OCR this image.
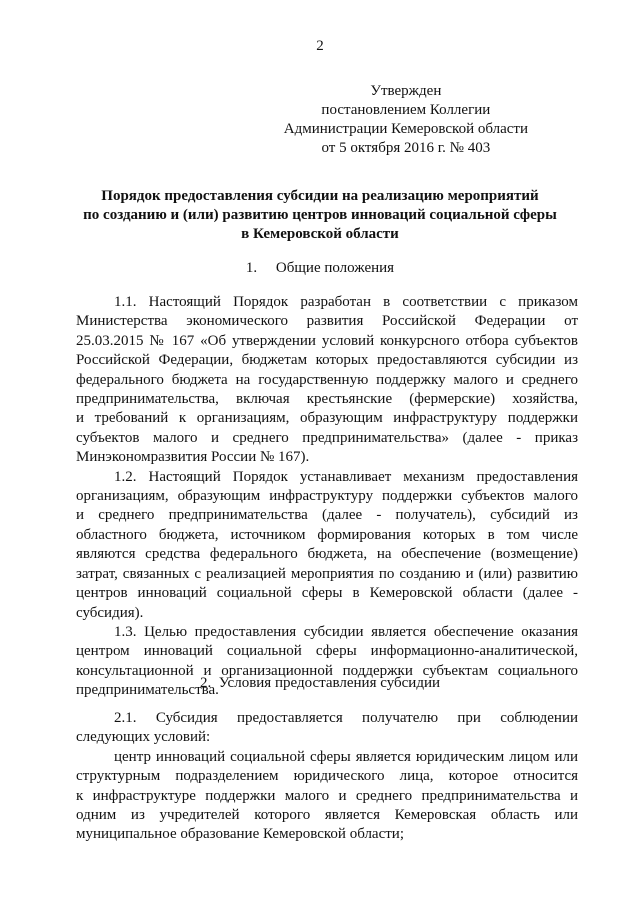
2
Утвержден
постановлением Коллегии
Администрации Кемеровской области
от 5 октября 2016 г. № 403
Порядок предоставления субсидии на реализацию мероприятий
по созданию и (или) развитию центров инноваций социальной сферы
в Кемеровской области
1.     Общие положения
1.1. Настоящий Порядок разработан в соответствии с приказом
Министерства экономического развития Российской Федерации от
25.03.2015 № 167 «Об утверждении условий конкурсного отбора субъектов
Российской Федерации, бюджетам которых предоставляются субсидии из
федерального бюджета на государственную поддержку малого и среднего
предпринимательства, включая крестьянские (фермерские) хозяйства,
и требований к организациям, образующим инфраструктуру поддержки
субъектов малого и среднего предпринимательства» (далее - приказ
Минэкономразвития России № 167).
1.2. Настоящий Порядок устанавливает механизм предоставления
организациям, образующим инфраструктуру поддержки субъектов малого
и среднего предпринимательства (далее - получатель), субсидий из
областного бюджета, источником формирования которых в том числе
являются средства федерального бюджета, на обеспечение (возмещение)
затрат, связанных с реализацией мероприятия по созданию и (или) развитию
центров инноваций социальной сферы в Кемеровской области (далее -
субсидия).
1.3. Целью предоставления субсидии является обеспечение оказания
центром инноваций социальной сферы информационно-аналитической,
консультационной и организационной поддержки субъектам социального
предпринимательства.
2.  Условия предоставления субсидии
2.1. Субсидия предоставляется получателю при соблюдении
следующих условий:
центр инноваций социальной сферы является юридическим лицом или
структурным подразделением юридического лица, которое относится
к инфраструктуре поддержки малого и среднего предпринимательства и
одним из учредителей которого является Кемеровская область или
муниципальное образование Кемеровской области;
